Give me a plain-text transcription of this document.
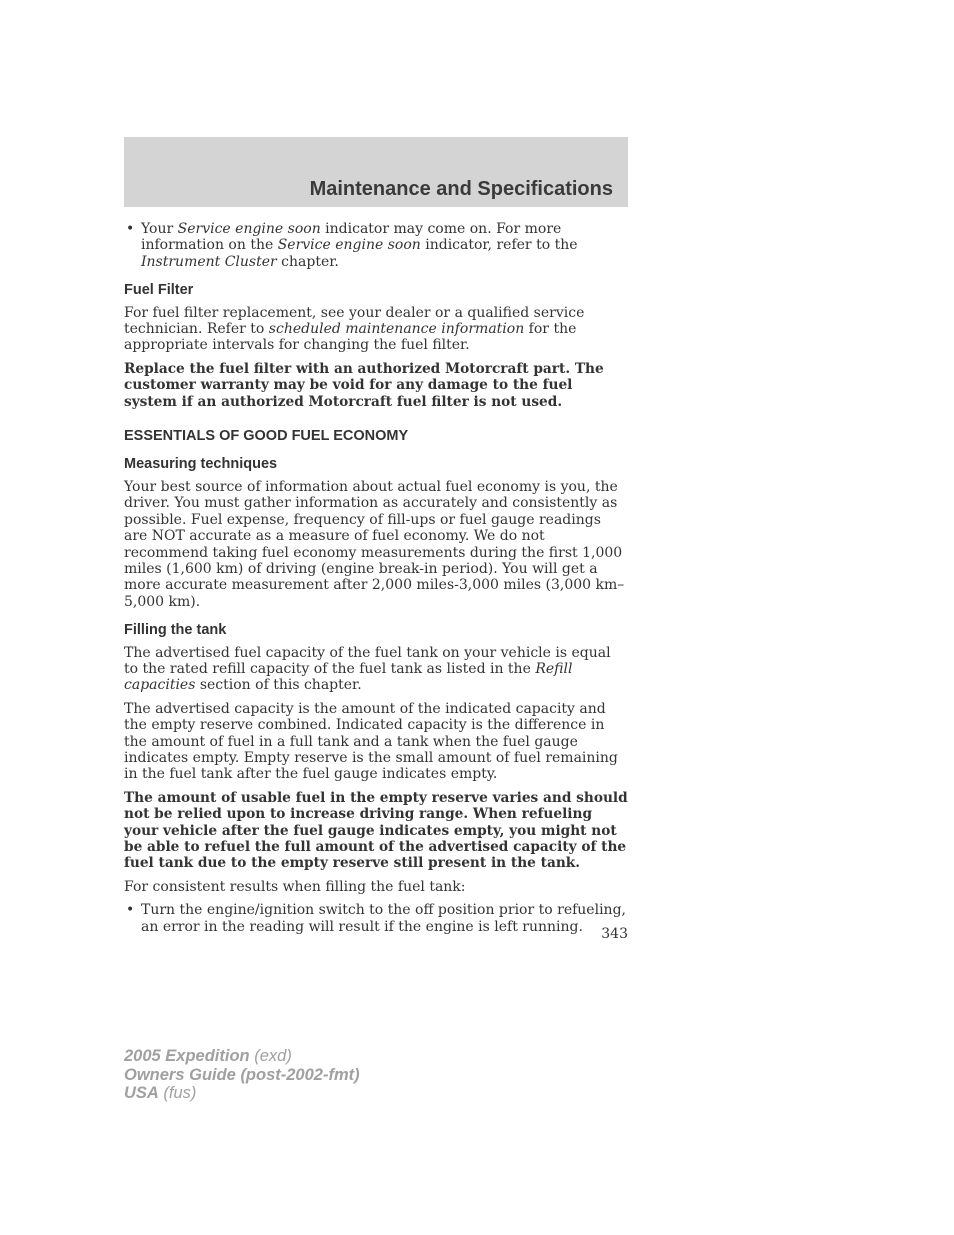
Maintenance and Specifications
• Your Service engine soon indicator may come on. For more information on the Service engine soon indicator, refer to the Instrument Cluster chapter.
Fuel Filter

For fuel filter replacement, see your dealer or a qualified service technician. Refer to scheduled maintenance information for the appropriate intervals for changing the fuel filter.

Replace the fuel filter with an authorized Motorcraft part. The customer warranty may be void for any damage to the fuel system if an authorized Motorcraft fuel filter is not used.

ESSENTIALS OF GOOD FUEL ECONOMY
Measuring techniques

Your best source of information about actual fuel economy is you, the driver. You must gather information as accurately and consistently as possible. Fuel expense, frequency of fill-ups or fuel gauge readings are NOT accurate as a measure of fuel economy. We do not recommend taking fuel economy measurements during the first 1,000 miles (1,600 km) of driving (engine break-in period). You will get a more accurate measurement after 2,000 miles-3,000 miles (3,000 km–5,000 km).

Filling the tank

The advertised fuel capacity of the fuel tank on your vehicle is equal to the rated refill capacity of the fuel tank as listed in the Refill capacities section of this chapter.

The advertised capacity is the amount of the indicated capacity and the empty reserve combined. Indicated capacity is the difference in the amount of fuel in a full tank and a tank when the fuel gauge indicates empty. Empty reserve is the small amount of fuel remaining in the fuel tank after the fuel gauge indicates empty.

The amount of usable fuel in the empty reserve varies and should not be relied upon to increase driving range. When refueling your vehicle after the fuel gauge indicates empty, you might not be able to refuel the full amount of the advertised capacity of the fuel tank due to the empty reserve still present in the tank.

For consistent results when filling the fuel tank:

• Turn the engine/ignition switch to the off position prior to refueling, an error in the reading will result if the engine is left running.	343
2005 Expedition (exd)
Owners Guide (post-2002-fmt)
USA (fus)
